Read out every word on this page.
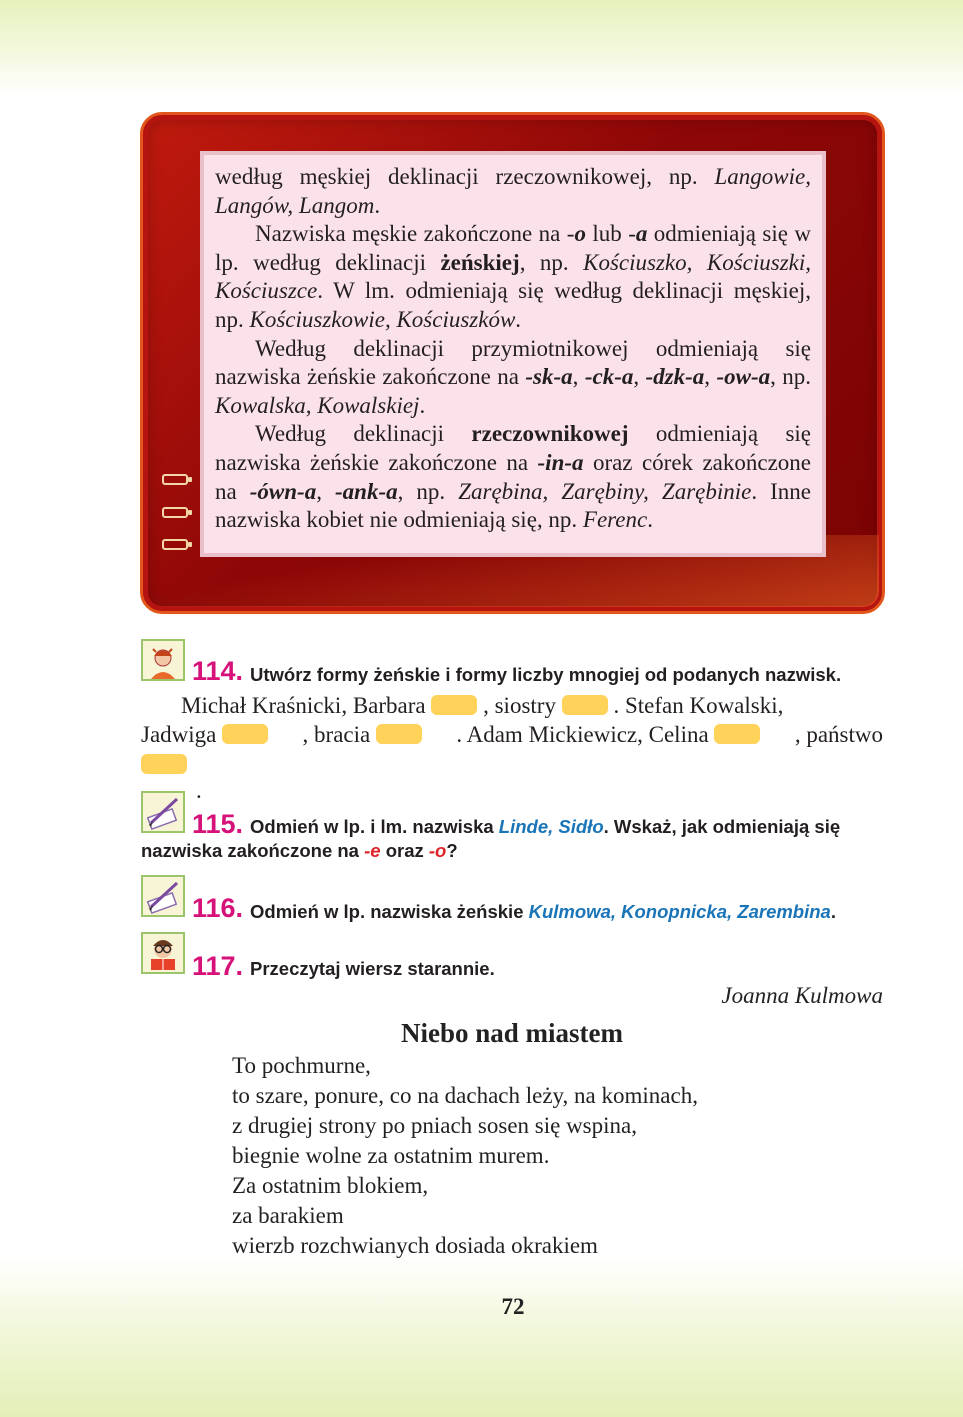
według męskiej deklinacji rzeczownikowej, np. Langowie, Langów, Langom.

Nazwiska męskie zakończone na -o lub -a odmieniają się w lp. według deklinacji żeńskiej, np. Kościuszko, Kościuszki, Kościuszce. W lm. odmieniają się według deklinacji męskiej, np. Kościuszkowie, Kościuszków.

Według deklinacji przymiotnikowej odmieniają się nazwiska żeńskie zakończone na -sk-a, -ck-a, -dzk-a, -ow-a, np. Kowalska, Kowalskiej.

Według deklinacji rzeczownikowej odmieniają się nazwiska żeńskie zakończone na -in-a oraz córek zakończone na -ówn-a, -ank-a, np. Zarębina, Zarębiny, Zarębinie. Inne nazwiska kobiet nie odmieniają się, np. Ferenc.

114. Utwórz formy żeńskie i formy liczby mnogiej od podanych nazwisk.
Michał Kraśnicki, Barbara	, siostry	. Stefan Kowalski,
Jadwiga	, bracia	. Adam Mickiewicz, Celina	, państwo

.
115. Odmień w lp. i lm. nazwiska Linde, Sidło. Wskaż, jak odmieniają się
nazwiska zakończone na -e oraz -o?
116. Odmień w lp. nazwiska żeńskie Kulmowa, Konopnicka, Zarembina.
117. Przeczytaj wiersz starannie.
Joanna Kulmowa
Niebo nad miastem
To pochmurne,
to szare, ponure, co na dachach leży, na kominach,
z drugiej strony po pniach sosen się wspina,
biegnie wolne za ostatnim murem.
Za ostatnim blokiem,
za barakiem
wierzb rozchwianych dosiada okrakiem
72
